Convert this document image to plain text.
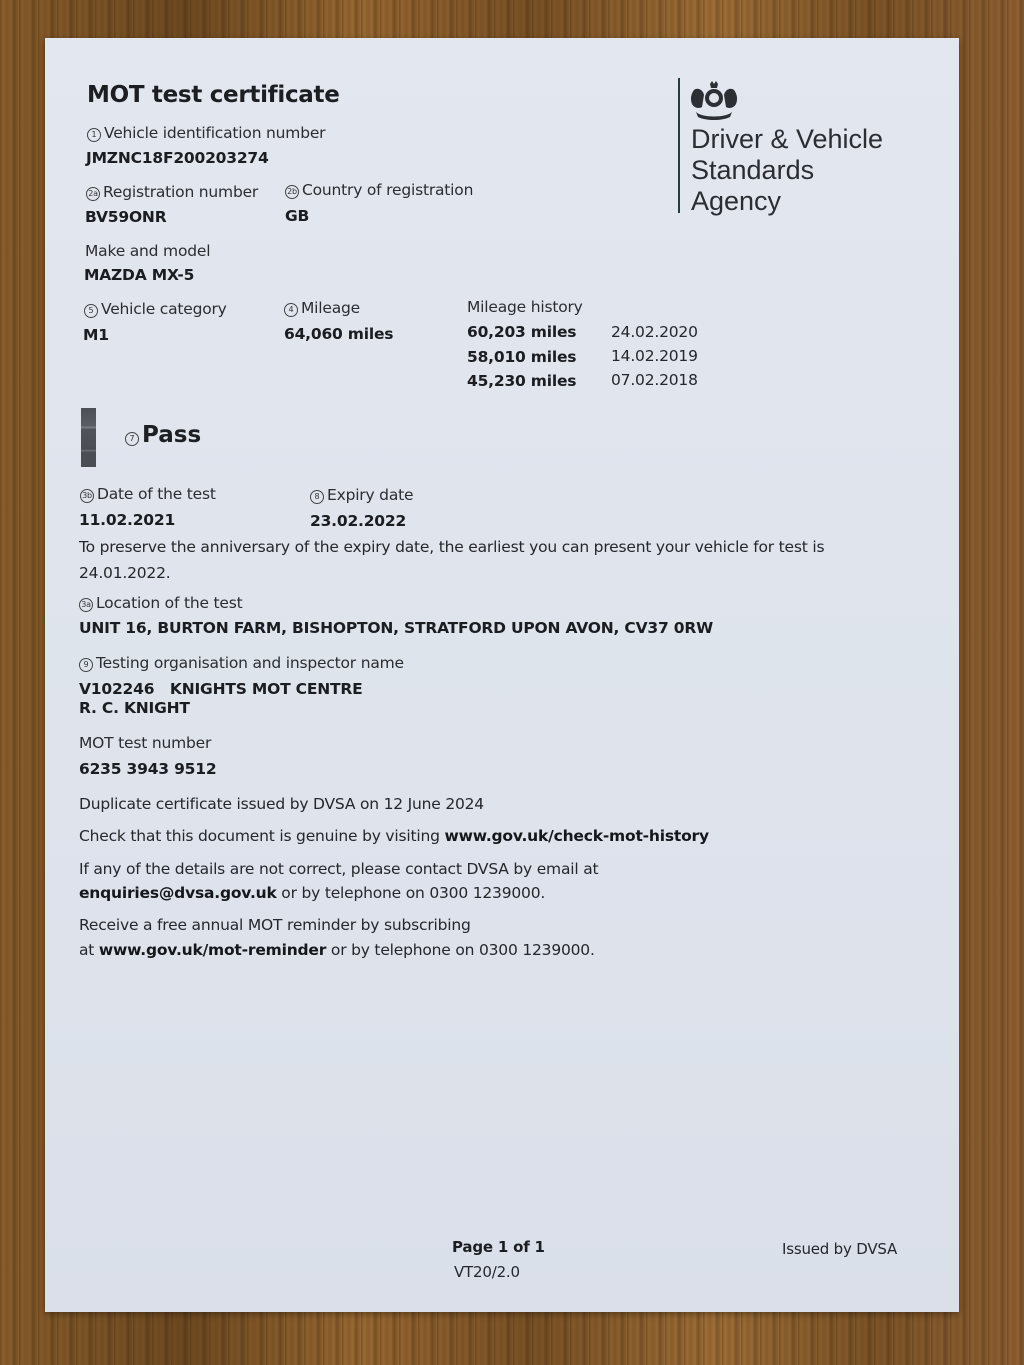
MOT test certificate
Driver & Vehicle
Standards
Agency
1 Vehicle identification number
JMZNC18F200203274
2a Registration number
BV59ONR
2b Country of registration
GB
Make and model
MAZDA MX-5
5 Vehicle category
M1
4 Mileage
64,060 miles
Mileage history
60,203 miles 24.02.2020
58,010 miles 14.02.2019
45,230 miles 07.02.2018
7 Pass
3b Date of the test
11.02.2021
8 Expiry date
23.02.2022
To preserve the anniversary of the expiry date, the earliest you can present your vehicle for test is
24.01.2022.
3a Location of the test
UNIT 16, BURTON FARM, BISHOPTON, STRATFORD UPON AVON, CV37 0RW
9 Testing organisation and inspector name
V102246   KNIGHTS MOT CENTRE
R. C. KNIGHT
MOT test number
6235 3943 9512
Duplicate certificate issued by DVSA on 12 June 2024
Check that this document is genuine by visiting www.gov.uk/check-mot-history
If any of the details are not correct, please contact DVSA by email at
enquiries@dvsa.gov.uk or by telephone on 0300 1239000.
Receive a free annual MOT reminder by subscribing
at www.gov.uk/mot-reminder or by telephone on 0300 1239000.
Page 1 of 1
VT20/2.0
Issued by DVSA
